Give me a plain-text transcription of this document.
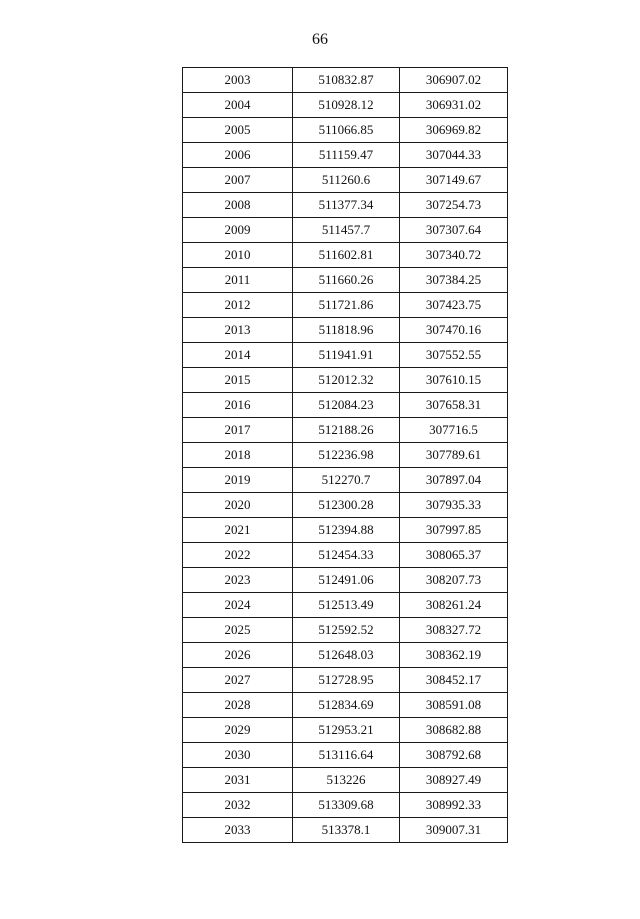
66
2003	510832.87	306907.02
2004	510928.12	306931.02
2005	511066.85	306969.82
2006	511159.47	307044.33
2007	511260.6	307149.67
2008	511377.34	307254.73
2009	511457.7	307307.64
2010	511602.81	307340.72
2011	511660.26	307384.25
2012	511721.86	307423.75
2013	511818.96	307470.16
2014	511941.91	307552.55
2015	512012.32	307610.15
2016	512084.23	307658.31
2017	512188.26	307716.5
2018	512236.98	307789.61
2019	512270.7	307897.04
2020	512300.28	307935.33
2021	512394.88	307997.85
2022	512454.33	308065.37
2023	512491.06	308207.73
2024	512513.49	308261.24
2025	512592.52	308327.72
2026	512648.03	308362.19
2027	512728.95	308452.17
2028	512834.69	308591.08
2029	512953.21	308682.88
2030	513116.64	308792.68
2031	513226	308927.49
2032	513309.68	308992.33
2033	513378.1	309007.31
